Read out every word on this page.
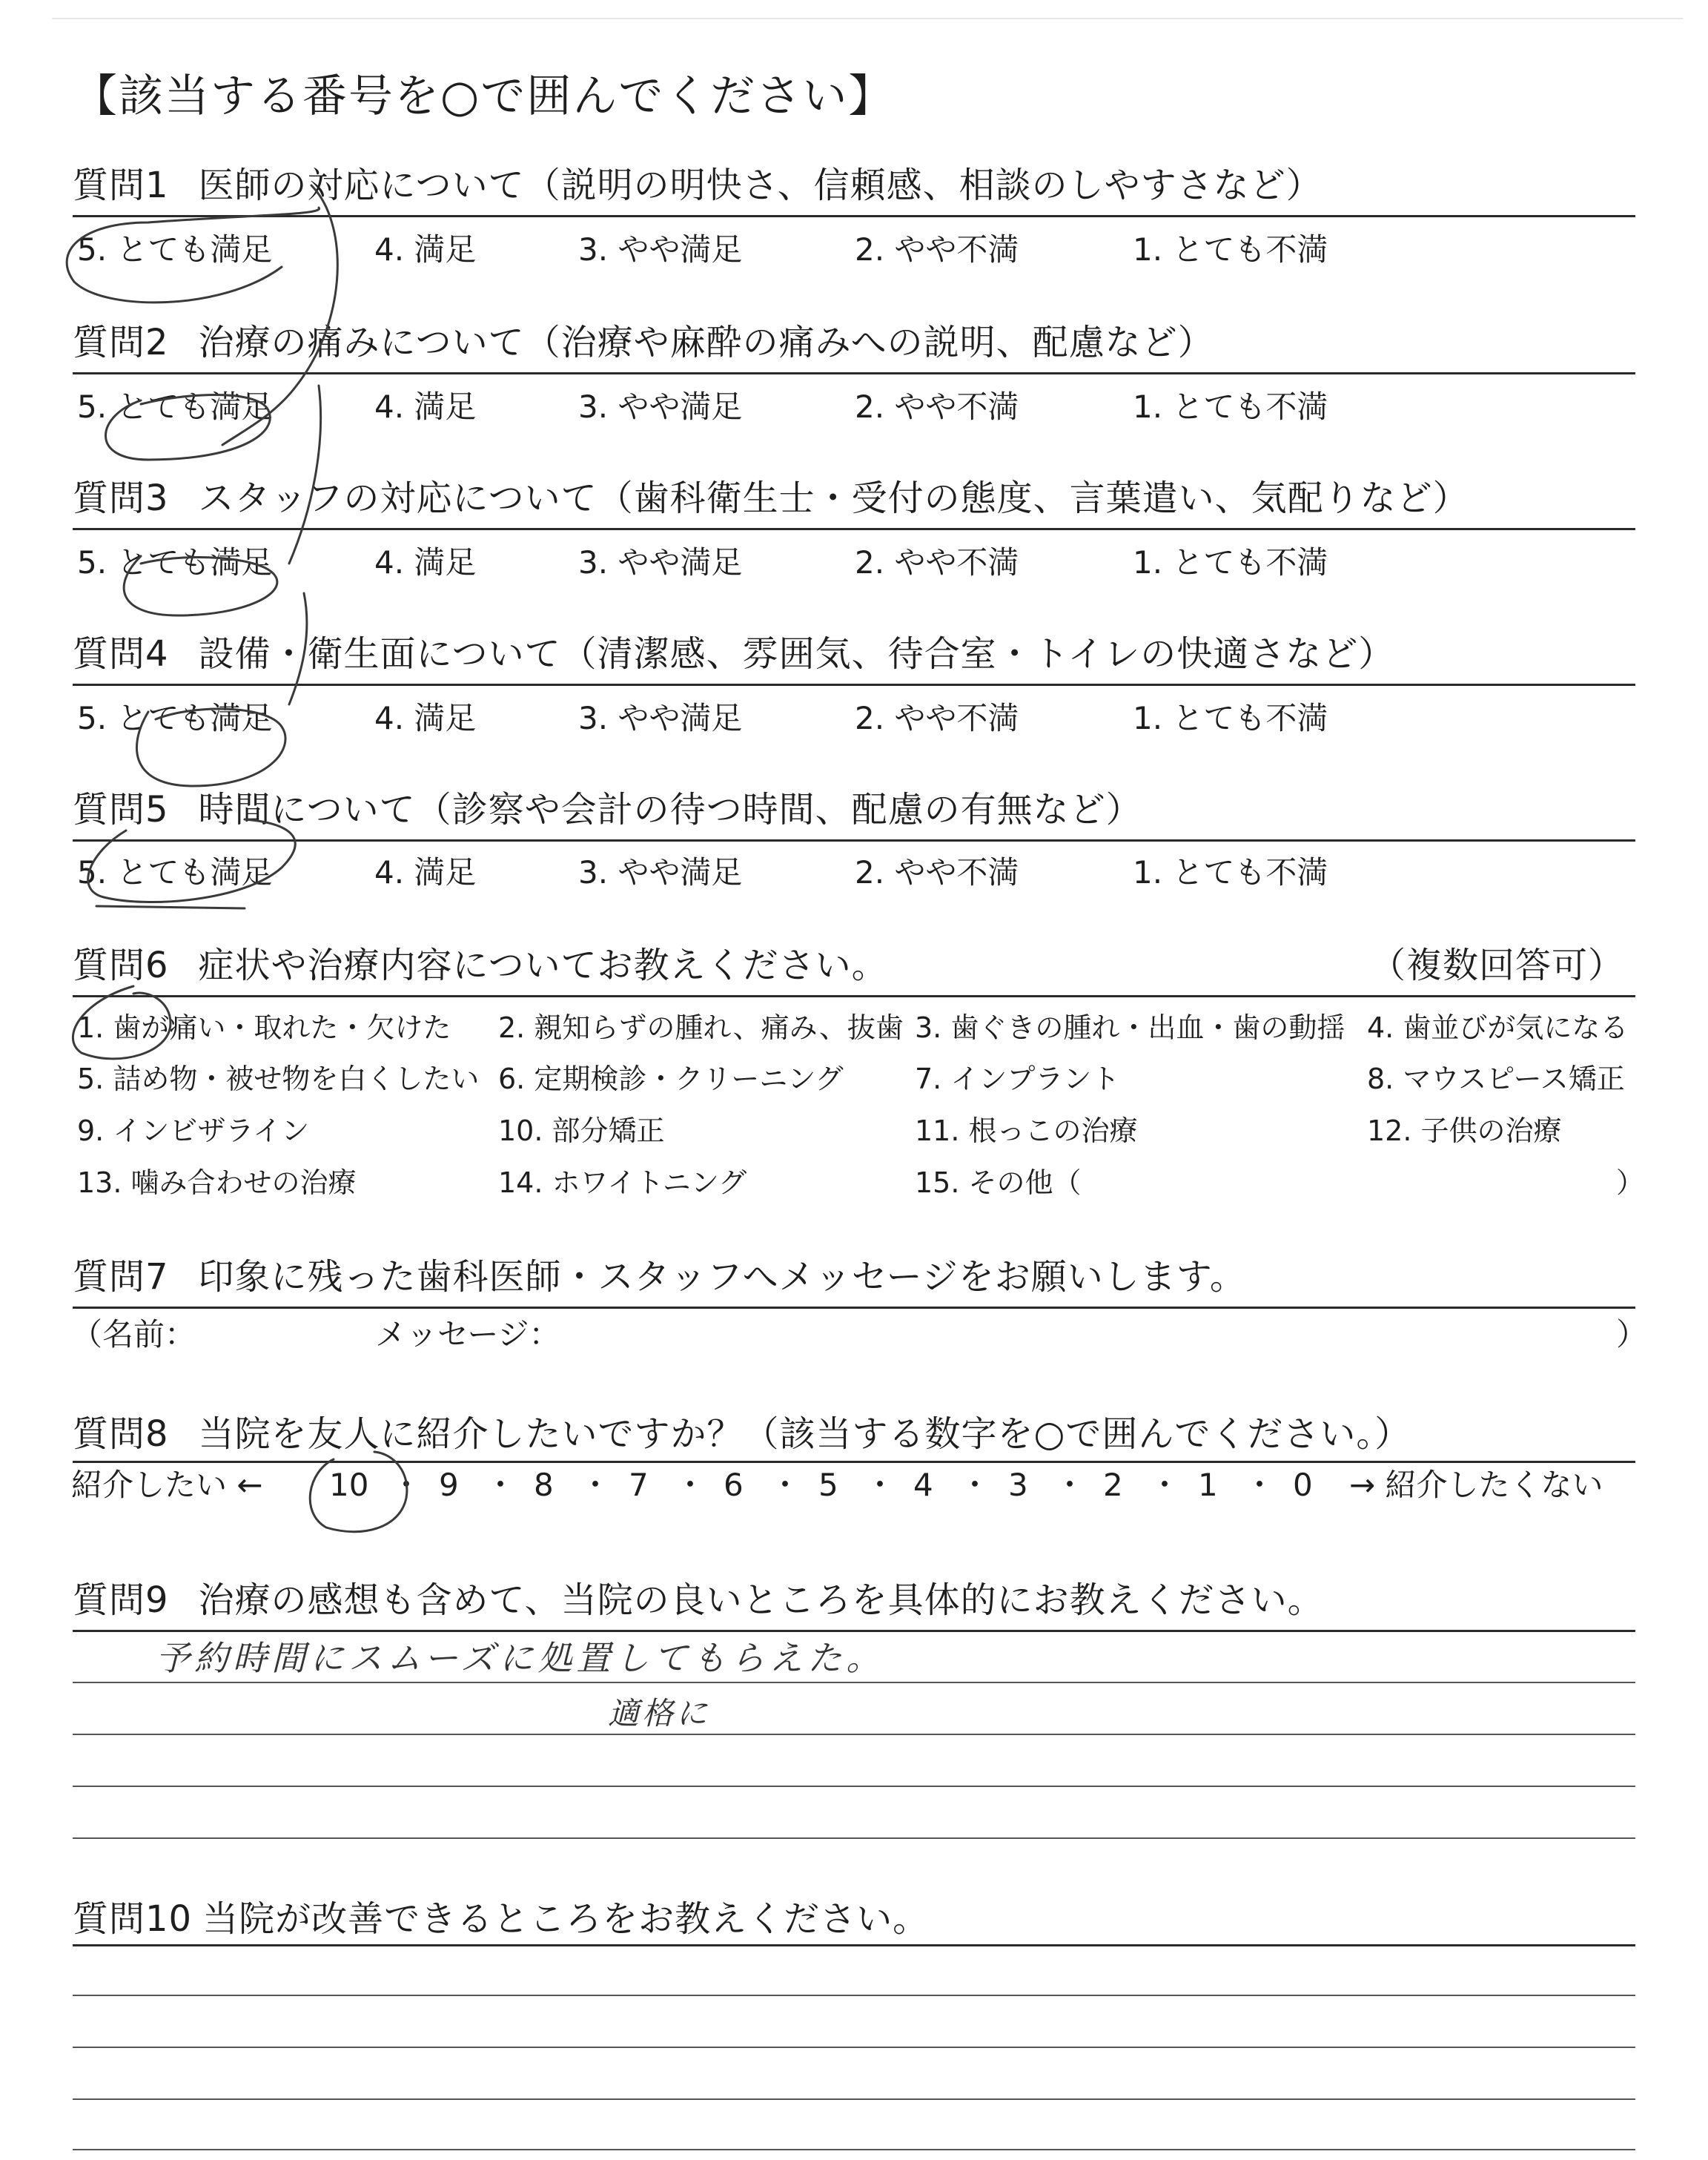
【該当する番号を○で囲んでください】
質問1 医師の対応について（説明の明快さ、信頼感、相談のしやすさなど）
5. とても満足	4. 満足	3. やや満足	2. やや不満	1. とても不満
質問2 治療の痛みについて（治療や麻酔の痛みへの説明、配慮など）
5. とても満足	4. 満足	3. やや満足	2. やや不満	1. とても不満
質問3 スタッフの対応について（歯科衛生士・受付の態度、言葉遣い、気配りなど）
5. とても満足	4. 満足	3. やや満足	2. やや不満	1. とても不満
質問4 設備・衛生面について（清潔感、雰囲気、待合室・トイレの快適さなど）
5. とても満足	4. 満足	3. やや満足	2. やや不満	1. とても不満
質問5 時間について（診察や会計の待つ時間、配慮の有無など）
5. とても満足	4. 満足	3. やや満足	2. やや不満	1. とても不満
質問6 症状や治療内容についてお教えください。	（複数回答可）
1. 歯が痛い・取れた・欠けた 2. 親知らずの腫れ、痛み、抜歯 3. 歯ぐきの腫れ・出血・歯の動揺 4. 歯並びが気になる
5. 詰め物・被せ物を白くしたい 6. 定期検診・クリーニング	7. インプラント	8. マウスピース矯正
9. インビザライン	10. 部分矯正	11. 根っこの治療	12. 子供の治療
13. 噛み合わせの治療	14. ホワイトニング	15. その他（	）
質問7 印象に残った歯科医師・スタッフへメッセージをお願いします。
（名前：	メッセージ：	）
質問8 当院を友人に紹介したいですか？（該当する数字を○で囲んでください。）
紹介したい ← 10 ・ 9 ・ 8 ・ 7 ・ 6 ・ 5 ・ 4 ・ 3 ・ 2 ・ 1 ・ 0 → 紹介したくない
質問9 治療の感想も含めて、当院の良いところを具体的にお教えください。
予約時間にスムーズに処置してもらえた。
適格に
質問10 当院が改善できるところをお教えください。
